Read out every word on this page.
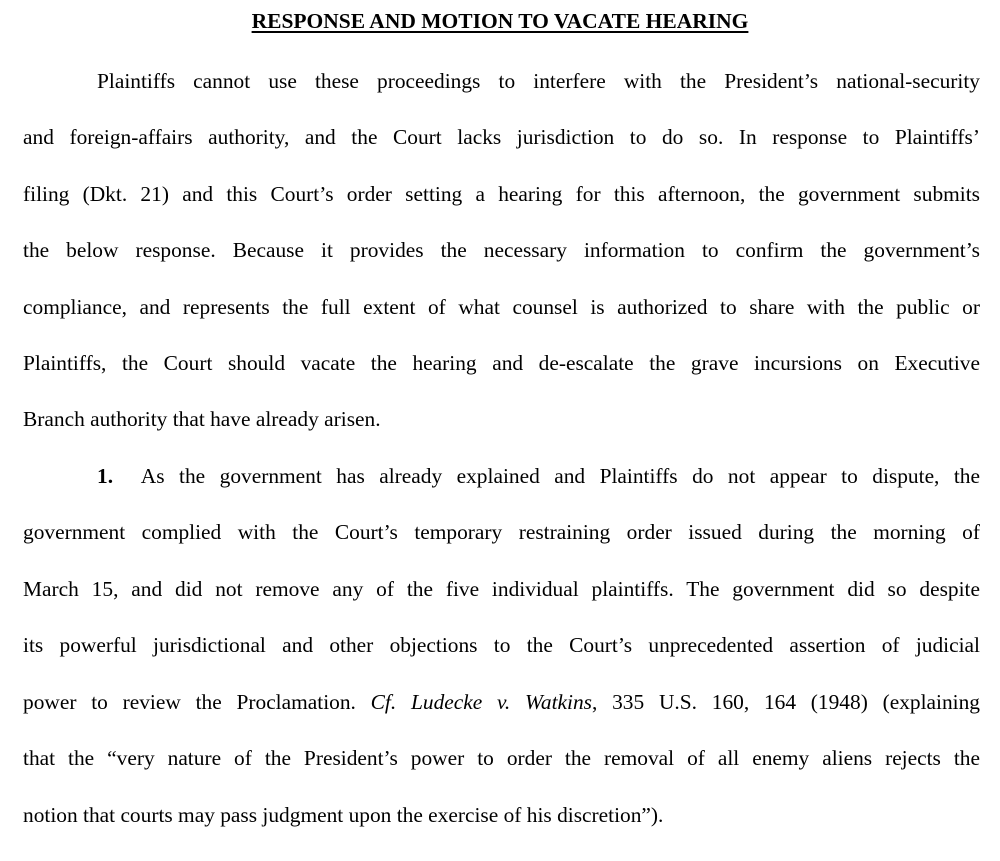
RESPONSE AND MOTION TO VACATE HEARING
Plaintiffs cannot use these proceedings to interfere with the President’s national-security
and foreign-affairs authority, and the Court lacks jurisdiction to do so. In response to Plaintiffs’
filing (Dkt. 21) and this Court’s order setting a hearing for this afternoon, the government submits
the below response. Because it provides the necessary information to confirm the government’s
compliance, and represents the full extent of what counsel is authorized to share with the public or
Plaintiffs, the Court should vacate the hearing and de-escalate the grave incursions on Executive
Branch authority that have already arisen.
1. As the government has already explained and Plaintiffs do not appear to dispute, the
government complied with the Court’s temporary restraining order issued during the morning of
March 15, and did not remove any of the five individual plaintiffs. The government did so despite
its powerful jurisdictional and other objections to the Court’s unprecedented assertion of judicial
power to review the Proclamation. Cf. Ludecke v. Watkins, 335 U.S. 160, 164 (1948) (explaining
that the “very nature of the President’s power to order the removal of all enemy aliens rejects the
notion that courts may pass judgment upon the exercise of his discretion”).
